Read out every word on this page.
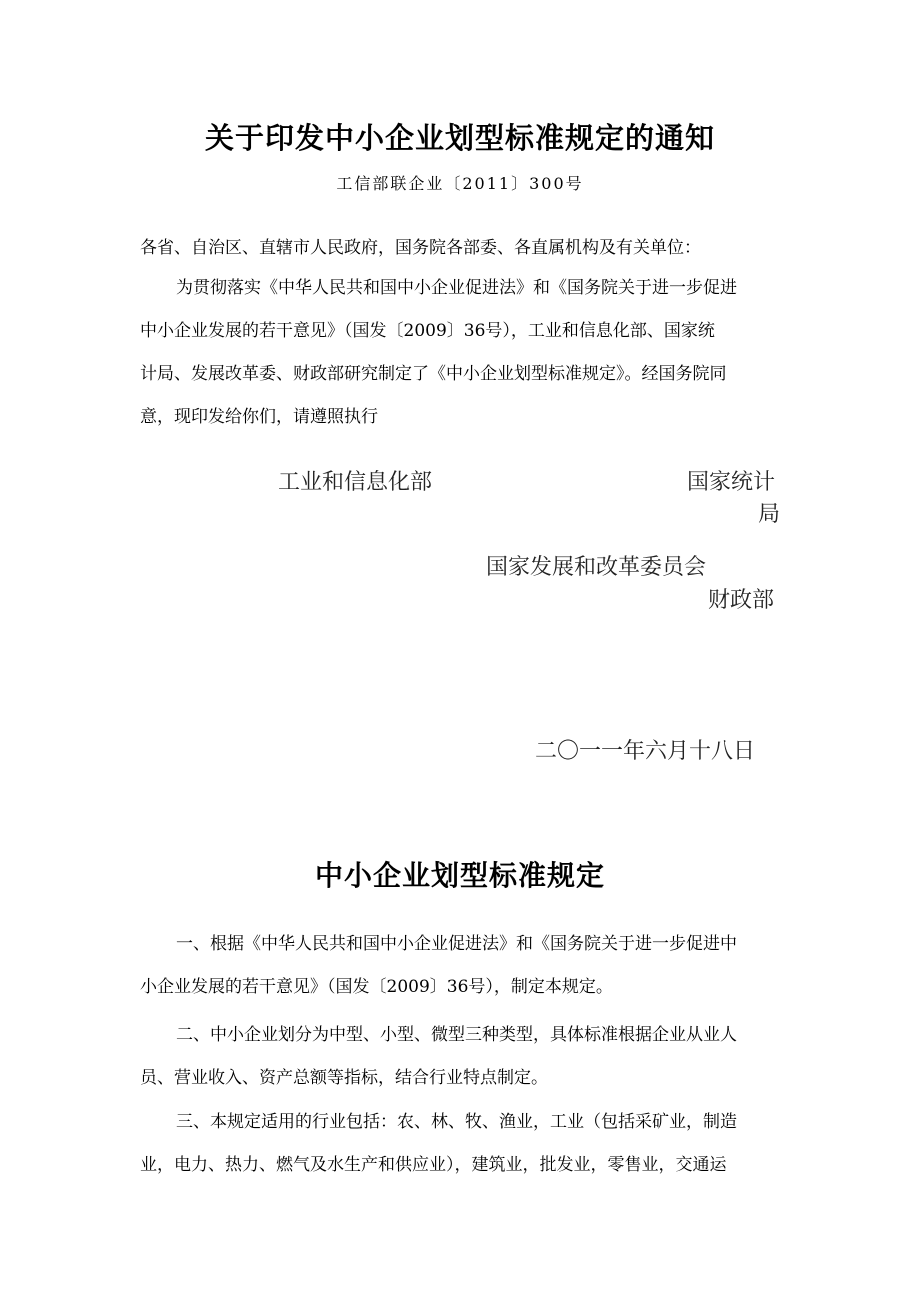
关于印发中小企业划型标准规定的通知
工信部联企业〔2011〕300号
各省、自治区、直辖市人民政府，国务院各部委、各直属机构及有关单位：
为贯彻落实《中华人民共和国中小企业促进法》和《国务院关于进一步促进
中小企业发展的若干意见》（国发〔2009〕36号），工业和信息化部、国家统
计局、发展改革委、财政部研究制定了《中小企业划型标准规定》。经国务院同
意，现印发给你们，请遵照执行
工业和信息化部	国家统计
局
国家发展和改革委员会
财政部
二〇一一年六月十八日
中小企业划型标准规定
一、根据《中华人民共和国中小企业促进法》和《国务院关于进一步促进中
小企业发展的若干意见》（国发〔2009〕36号），制定本规定。
二、中小企业划分为中型、小型、微型三种类型，具体标准根据企业从业人
员、营业收入、资产总额等指标，结合行业特点制定。
三、本规定适用的行业包括：农、林、牧、渔业，工业（包括采矿业，制造
业，电力、热力、燃气及水生产和供应业），建筑业，批发业，零售业，交通运
